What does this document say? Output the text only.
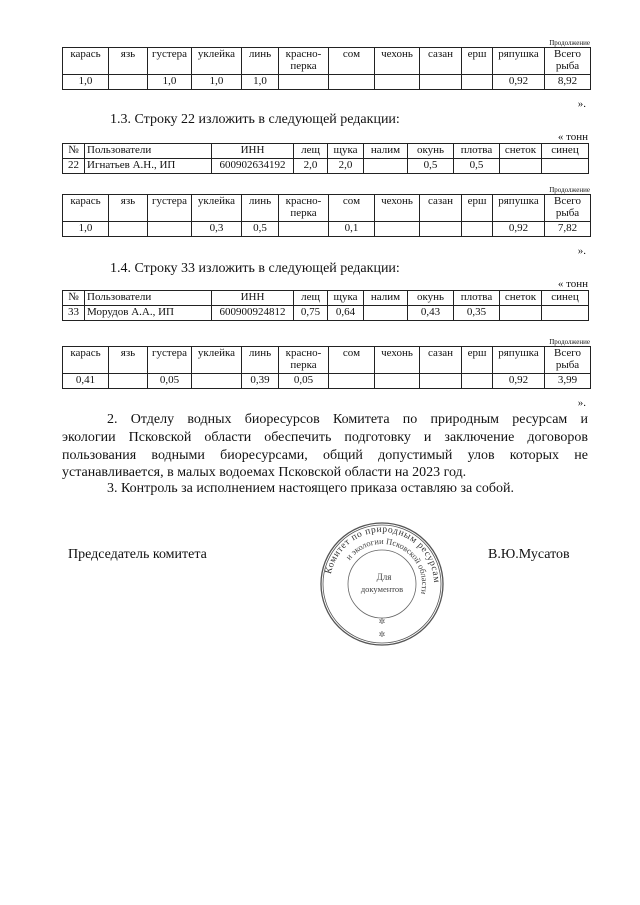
Продолжение
карась	язь	густера	уклейка	линь	красно-
перка	сом	чехонь	сазан	ерш	ряпушка	Всего
рыба
1,0		1,0	1,0	1,0						0,92	8,92
».
1.3. Строку 22 изложить в следующей редакции:
« тонн
№	Пользователи	ИНН	лещ	щука	налим	окунь	плотва	снеток	синец
22	Игнатьев А.Н., ИП	600902634192	2,0	2,0		0,5	0,5		
Продолжение
карась	язь	густера	уклейка	линь	красно-
перка	сом	чехонь	сазан	ерш	ряпушка	Всего
рыба
1,0			0,3	0,5		0,1				0,92	7,82
».
1.4. Строку 33 изложить в следующей редакции:
« тонн
№	Пользователи	ИНН	лещ	щука	налим	окунь	плотва	снеток	синец
33	Морудов А.А., ИП	600900924812	0,75	0,64		0,43	0,35		
Продолжение
карась	язь	густера	уклейка	линь	красно-
перка	сом	чехонь	сазан	ерш	ряпушка	Всего
рыба
0,41		0,05		0,39	0,05					0,92	3,99
».
2. Отделу водных биоресурсов Комитета по природным ресурсам и
экологии Псковской области обеспечить подготовку и заключение договоров
пользования водными биоресурсами, общий допустимый улов которых не
устанавливается, в малых водоемах Псковской области на 2023 год.
3. Контроль за исполнением настоящего приказа оставляю за собой.
Председатель комитета	В.Ю.Мусатов
Комитет по природным ресурсам
и экологии Псковской области
Для
документов
✲
✲
